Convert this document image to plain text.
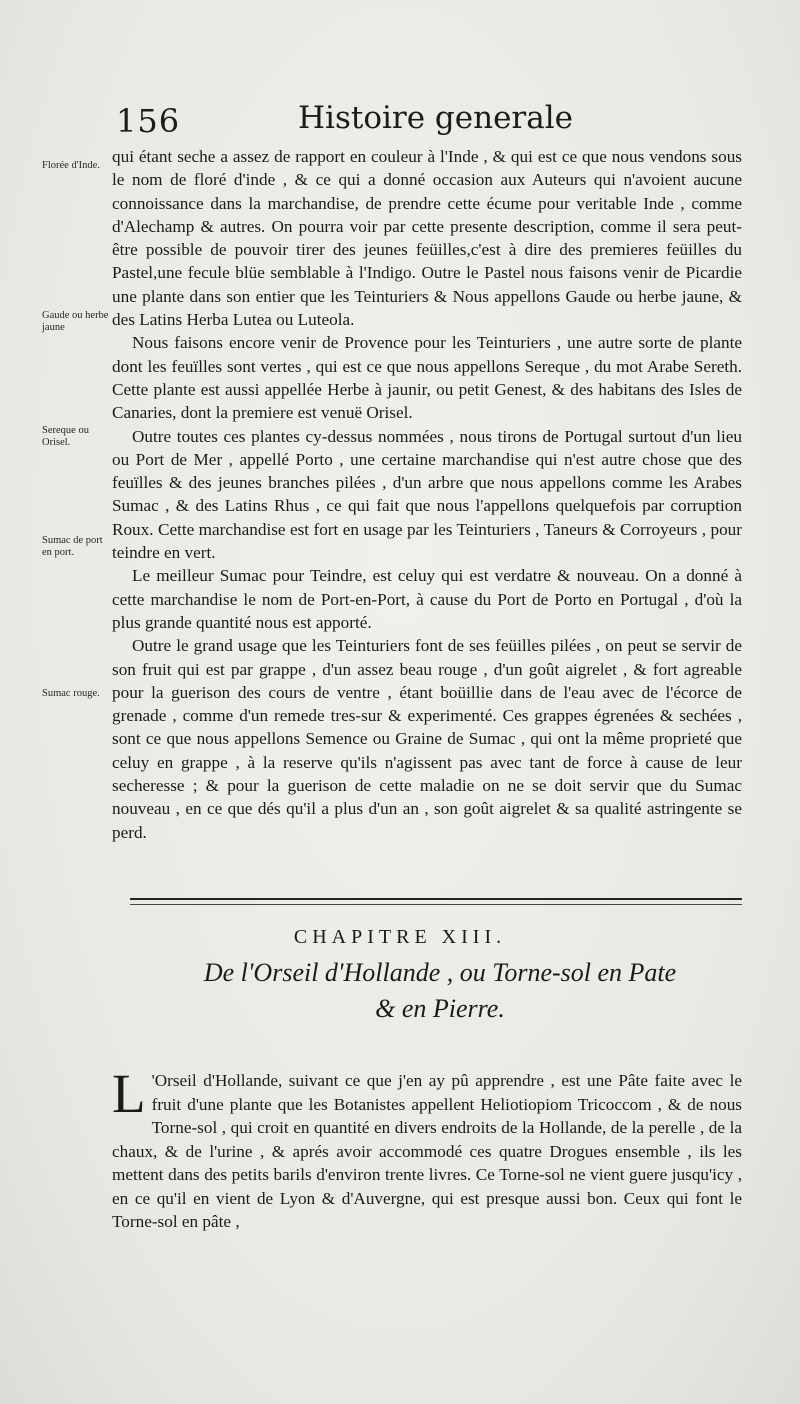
156	Histoire generale
Florée d'Inde.
Gaude ou herbe jaune
Sereque ou Orisel.
Sumac de port en port.
Sumac rouge.

qui étant seche a assez de rapport en couleur à l'Inde , & qui est ce que nous vendons sous le nom de floré d'inde , & ce qui a donné occasion aux Auteurs qui n'avoient aucune connoissance dans la marchandise, de prendre cette écume pour veritable Inde , comme d'Alechamp & autres. On pourra voir par cette presente description, comme il sera peut-être possible de pouvoir tirer des jeunes feüilles,c'est à dire des premieres feüilles du Pastel,une fecule blüe semblable à l'Indigo. Outre le Pastel nous faisons venir de Picardie une plante dans son entier que les Teinturiers & Nous appellons Gaude ou herbe jaune, & des Latins Herba Lutea ou Luteola.

Nous faisons encore venir de Provence pour les Teinturiers , une autre sorte de plante dont les feuïlles sont vertes , qui est ce que nous appellons Sereque , du mot Arabe Sereth. Cette plante est aussi appellée Herbe à jaunir, ou petit Genest, & des habitans des Isles de Canaries, dont la premiere est venuë Orisel.

Outre toutes ces plantes cy-dessus nommées , nous tirons de Portugal surtout d'un lieu ou Port de Mer , appellé Porto , une certaine marchandise qui n'est autre chose que des feuïlles & des jeunes branches pilées , d'un arbre que nous appellons comme les Arabes Sumac , & des Latins Rhus , ce qui fait que nous l'appellons quelquefois par corruption Roux. Cette marchandise est fort en usage par les Teinturiers , Taneurs & Corroyeurs , pour teindre en vert.

Le meilleur Sumac pour Teindre, est celuy qui est verdatre & nouveau. On a donné à cette marchandise le nom de Port-en-Port, à cause du Port de Porto en Portugal , d'où la plus grande quantité nous est apporté.

Outre le grand usage que les Teinturiers font de ses feüilles pilées , on peut se servir de son fruit qui est par grappe , d'un assez beau rouge , d'un goût aigrelet , & fort agreable pour la guerison des cours de ventre , étant boüillie dans de l'eau avec de l'écorce de grenade , comme d'un remede tres-sur & experimenté. Ces grappes égrenées & sechées , sont ce que nous appellons Semence ou Graine de Sumac , qui ont la même proprieté que celuy en grappe , à la reserve qu'ils n'agissent pas avec tant de force à cause de leur secheresse ; & pour la guerison de cette maladie on ne se doit servir que du Sumac nouveau , en ce que dés qu'il a plus d'un an , son goût aigrelet & sa qualité astringente se perd.

CHAPITRE XIII.
De l'Orseil d'Hollande , ou Torne-sol en Pate
& en Pierre.

L 'Orseil d'Hollande, suivant ce que j'en ay pû apprendre , est une Pâte faite avec le fruit d'une plante que les Botanistes appellent Heliotiopiom Tricoccom , & de nous Torne-sol , qui croit en quantité en divers endroits de la Hollande, de la perelle , de la chaux, & de l'urine , & aprés avoir accommodé ces quatre Drogues ensemble , ils les mettent dans des petits barils d'environ trente livres. Ce Torne-sol ne vient guere jusqu'icy , en ce qu'il en vient de Lyon & d'Auvergne, qui est presque aussi bon. Ceux qui font le Torne-sol en pâte ,
